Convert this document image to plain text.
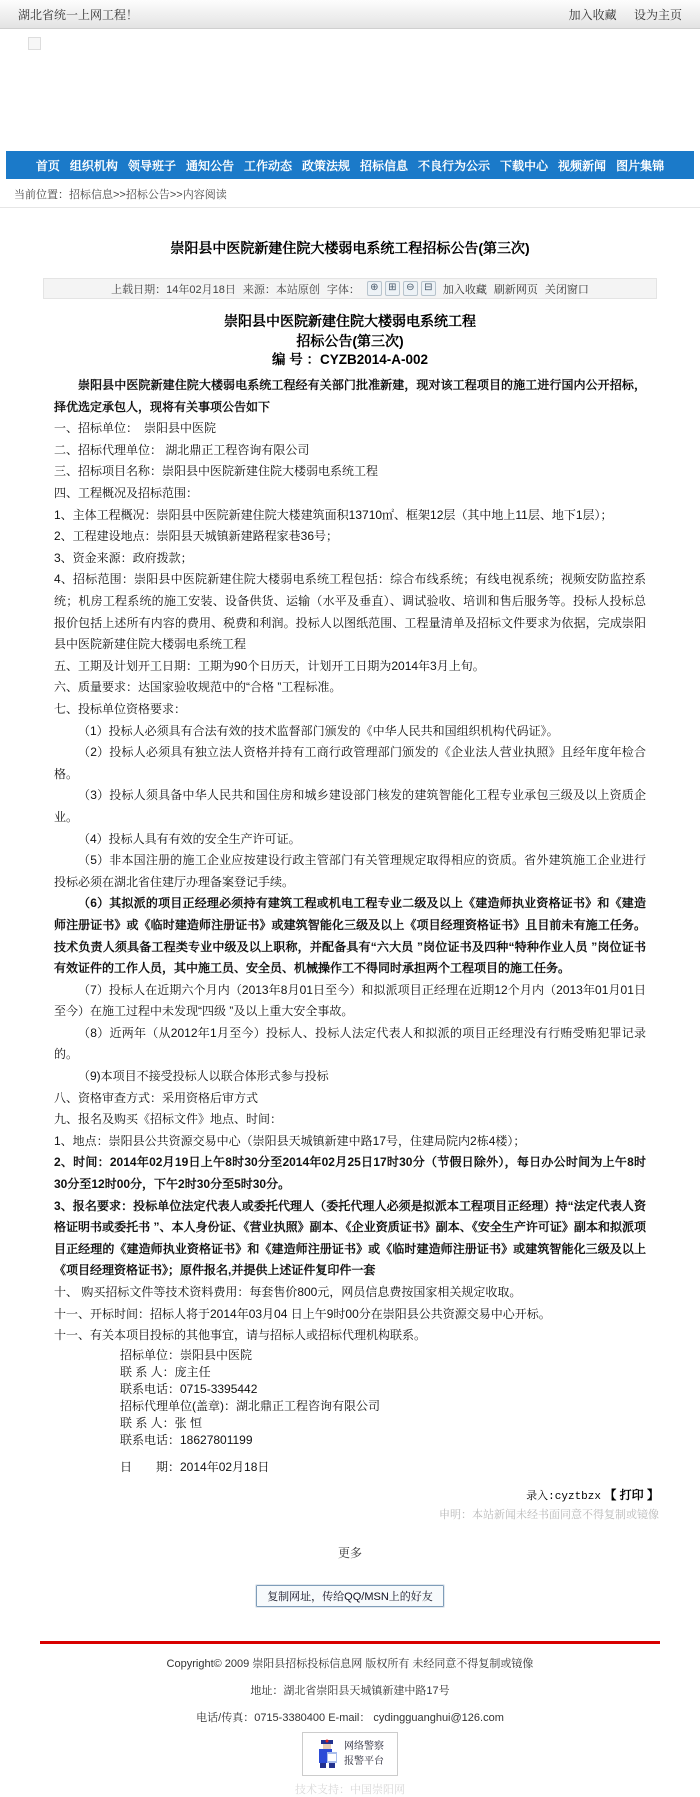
湖北省统一上网工程！	加入收藏 设为主页
首页 组织机构 领导班子 通知公告 工作动态 政策法规 招标信息 不良行为公示 下载中心 视频新闻 图片集锦
当前位置：招标信息>>招标公告>>内容阅读
崇阳县中医院新建住院大楼弱电系统工程招标公告(第三次)
上载日期：14年02月18日 来源：本站原创 字体：	⊕ ⊞ ⊖ ⊟ 加入收藏 刷新网页 关闭窗口
崇阳县中医院新建住院大楼弱电系统工程
招标公告(第三次)
编 号 ：CYZB2014-A-002

崇阳县中医院新建住院大楼弱电系统工程经有关部门批准新建，现对该工程项目的施工进行国内公开招标，择优选定承包人，现将有关事项公告如下

一、招标单位：　崇阳县中医院

二、招标代理单位： 湖北鼎正工程咨询有限公司

三、招标项目名称：崇阳县中医院新建住院大楼弱电系统工程

四、工程概况及招标范围：

1、主体工程概况：崇阳县中医院新建住院大楼建筑面积13710㎡、框架12层（其中地上11层、地下1层）；

2、工程建设地点：崇阳县天城镇新建路程家巷36号；

3、资金来源：政府拨款；

4、招标范围：崇阳县中医院新建住院大楼弱电系统工程包括：综合布线系统；有线电视系统；视频安防监控系统；机房工程系统的施工安装、设备供货、运输（水平及垂直）、调试验收、培训和售后服务等。投标人投标总报价包括上述所有内容的费用、税费和利润。投标人以图纸范围、工程量清单及招标文件要求为依据，完成崇阳县中医院新建住院大楼弱电系统工程

五、工期及计划开工日期：工期为90个日历天，计划开工日期为2014年3月上旬。

六、质量要求：达国家验收规范中的“合格 ”工程标准。

七、投标单位资格要求：

（1）投标人必须具有合法有效的技术监督部门颁发的《中华人民共和国组织机构代码证》。

（2）投标人必须具有独立法人资格并持有工商行政管理部门颁发的《企业法人营业执照》且经年度年检合格。

（3）投标人须具备中华人民共和国住房和城乡建设部门核发的建筑智能化工程专业承包三级及以上资质企业。

（4）投标人具有有效的安全生产许可证。

（5）非本国注册的施工企业应按建设行政主管部门有关管理规定取得相应的资质。省外建筑施工企业进行投标必须在湖北省住建厅办理备案登记手续。

（6）其拟派的项目正经理必须持有建筑工程或机电工程专业二级及以上《建造师执业资格证书》和《建造师注册证书》或《临时建造师注册证书》或建筑智能化三级及以上《项目经理资格证书》且目前未有施工任务。技术负责人须具备工程类专业中级及以上职称，并配备具有“六大员 ”岗位证书及四种“特种作业人员 ”岗位证书有效证件的工作人员，其中施工员、安全员、机械操作工不得同时承担两个工程项目的施工任务。

（7）投标人在近期六个月内（2013年8月01日至今）和拟派项目正经理在近期12个月内（2013年01月01日至今）在施工过程中未发现“四级 ”及以上重大安全事故。

（8）近两年（从2012年1月至今）投标人、投标人法定代表人和拟派的项目正经理没有行贿受贿犯罪记录的。

（9)本项目不接受投标人以联合体形式参与投标

八、资格审查方式：采用资格后审方式

九、报名及购买《招标文件》地点、时间：

1、地点：崇阳县公共资源交易中心（崇阳县天城镇新建中路17号，住建局院内2栋4楼）；

2、时间：2014年02月19日上午8时30分至2014年02月25日17时30分（节假日除外），每日办公时间为上午8时30分至12时00分，下午2时30分至5时30分。

3、报名要求：投标单位法定代表人或委托代理人（委托代理人必须是拟派本工程项目正经理）持“法定代表人资格证明书或委托书 ”、本人身份证、《营业执照》副本、《企业资质证书》副本、《安全生产许可证》副本和拟派项目正经理的《建造师执业资格证书》和《建造师注册证书》或《临时建造师注册证书》或建筑智能化三级及以上《项目经理资格证书》；原件报名,并提供上述证件复印件一套

十、 购买招标文件等技术资料费用：每套售价800元，网员信息费按国家相关规定收取。

十一、开标时间：招标人将于2014年03月04 日上午9时00分在崇阳县公共资源交易中心开标。

十一、有关本项目投标的其他事宜，请与招标人或招标代理机构联系。

招标单位：崇阳县中医院

联 系 人：庞主任

联系电话：0715-3395442

招标代理单位(盖章)：湖北鼎正工程咨询有限公司

联 系 人：张 恒

联系电话：18627801199

日　　期：2014年02月18日

录入:cyztbzx 【 打印 】
申明：本站新闻未经书面同意不得复制或镜像
更多
复制网址，传给QQ/MSN上的好友
Copyright© 2009 崇阳县招标投标信息网 版权所有 未经同意不得复制或镜像
地址：湖北省崇阳县天城镇新建中路17号
电话/传真：0715-3380400 E-mail： cydingguanghui@126.com
网络警察
报警平台
技术支持：中国崇阳网
